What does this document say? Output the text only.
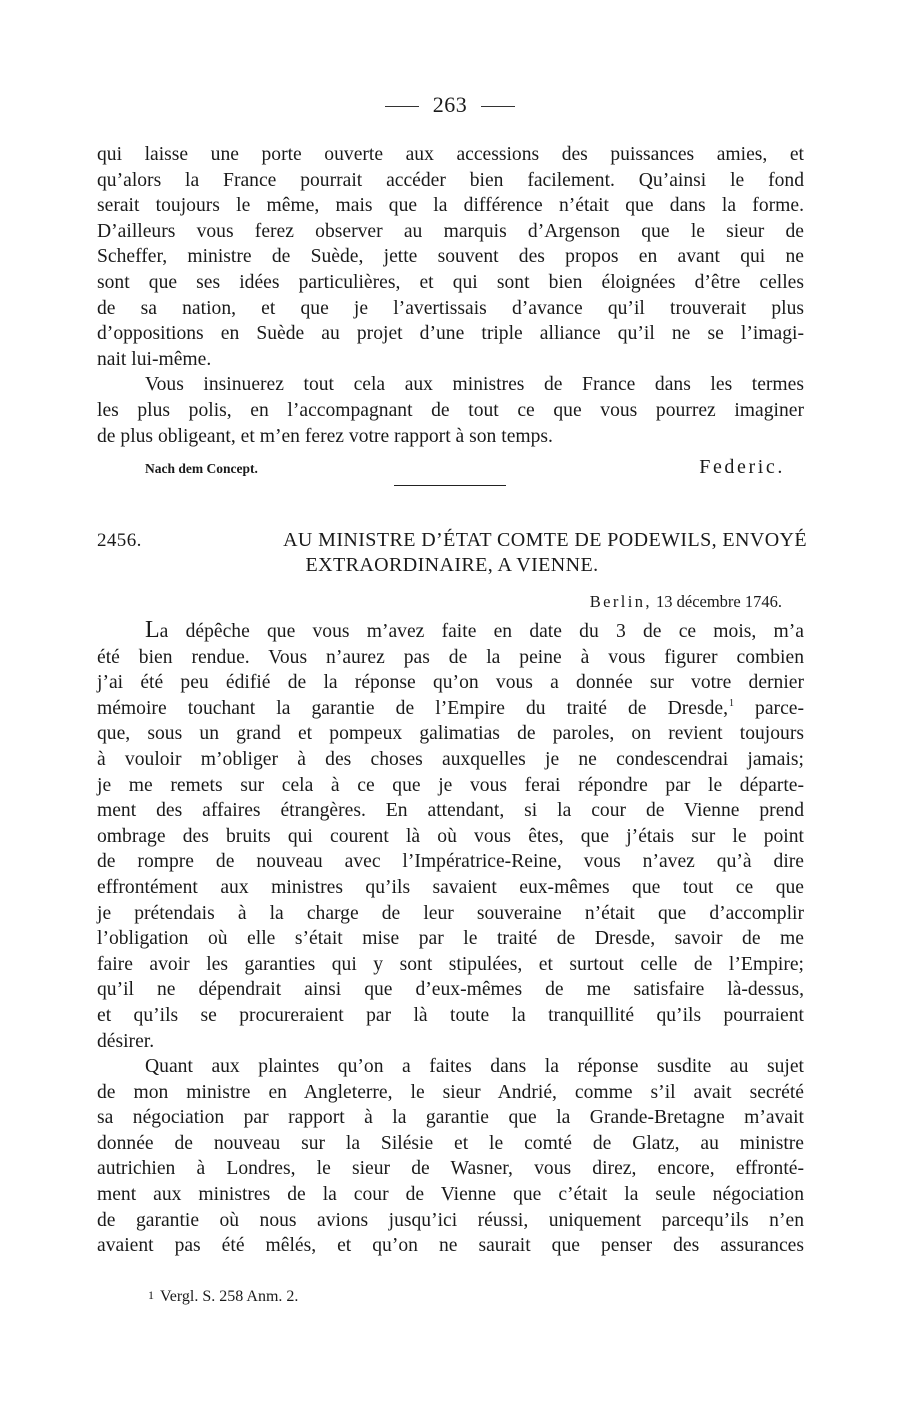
263

qui laisse une porte ouverte aux accessions des puissances amies, et

qu’alors la France pourrait accéder bien facilement. Qu’ainsi le fond

serait toujours le même, mais que la différence n’était que dans la forme.

D’ailleurs vous ferez observer au marquis d’Argenson que le sieur de

Scheffer, ministre de Suède, jette souvent des propos en avant qui ne

sont que ses idées particulières, et qui sont bien éloignées d’être celles

de sa nation, et que je l’avertissais d’avance qu’il trouverait plus

d’oppositions en Suède au projet d’une triple alliance qu’il ne se l’imagi-

nait lui-même.

Vous insinuerez tout cela aux ministres de France dans les termes

les plus polis, en l’accompagnant de tout ce que vous pourrez imaginer

de plus obligeant, et m’en ferez votre rapport à son temps.

Nach dem Concept.	Federic.
2456.	AU MINISTRE D’ÉTAT COMTE DE PODEWILS, ENVOYÉ
EXTRAORDINAIRE, A VIENNE.
Berlin, 13 décembre 1746.

La dépêche que vous m’avez faite en date du 3 de ce mois, m’a

été bien rendue. Vous n’aurez pas de la peine à vous figurer combien

j’ai été peu édifié de la réponse qu’on vous a donnée sur votre dernier

mémoire touchant la garantie de l’Empire du traité de Dresde,$^1$ parce-

que, sous un grand et pompeux galimatias de paroles, on revient toujours

à vouloir m’obliger à des choses auxquelles je ne condescendrai jamais;

je me remets sur cela à ce que je vous ferai répondre par le départe-

ment des affaires étrangères. En attendant, si la cour de Vienne prend

ombrage des bruits qui courent là où vous êtes, que j’étais sur le point

de rompre de nouveau avec l’Impératrice-Reine, vous n’avez qu’à dire

effrontément aux ministres qu’ils savaient eux-mêmes que tout ce que

je prétendais à la charge de leur souveraine n’était que d’accomplir

l’obligation où elle s’était mise par le traité de Dresde, savoir de me

faire avoir les garanties qui y sont stipulées, et surtout celle de l’Empire;

qu’il ne dépendrait ainsi que d’eux-mêmes de me satisfaire là-dessus,

et qu’ils se procureraient par là toute la tranquillité qu’ils pourraient

désirer.

Quant aux plaintes qu’on a faites dans la réponse susdite au sujet

de mon ministre en Angleterre, le sieur Andrié, comme s’il avait secrété

sa négociation par rapport à la garantie que la Grande-Bretagne m’avait

donnée de nouveau sur la Silésie et le comté de Glatz, au ministre

autrichien à Londres, le sieur de Wasner, vous direz, encore, effronté-

ment aux ministres de la cour de Vienne que c’était la seule négociation

de garantie où nous avions jusqu’ici réussi, uniquement parcequ’ils n’en

avaient pas été mêlés, et qu’on ne saurait que penser des assurances

1 Vergl. S. 258 Anm. 2.
